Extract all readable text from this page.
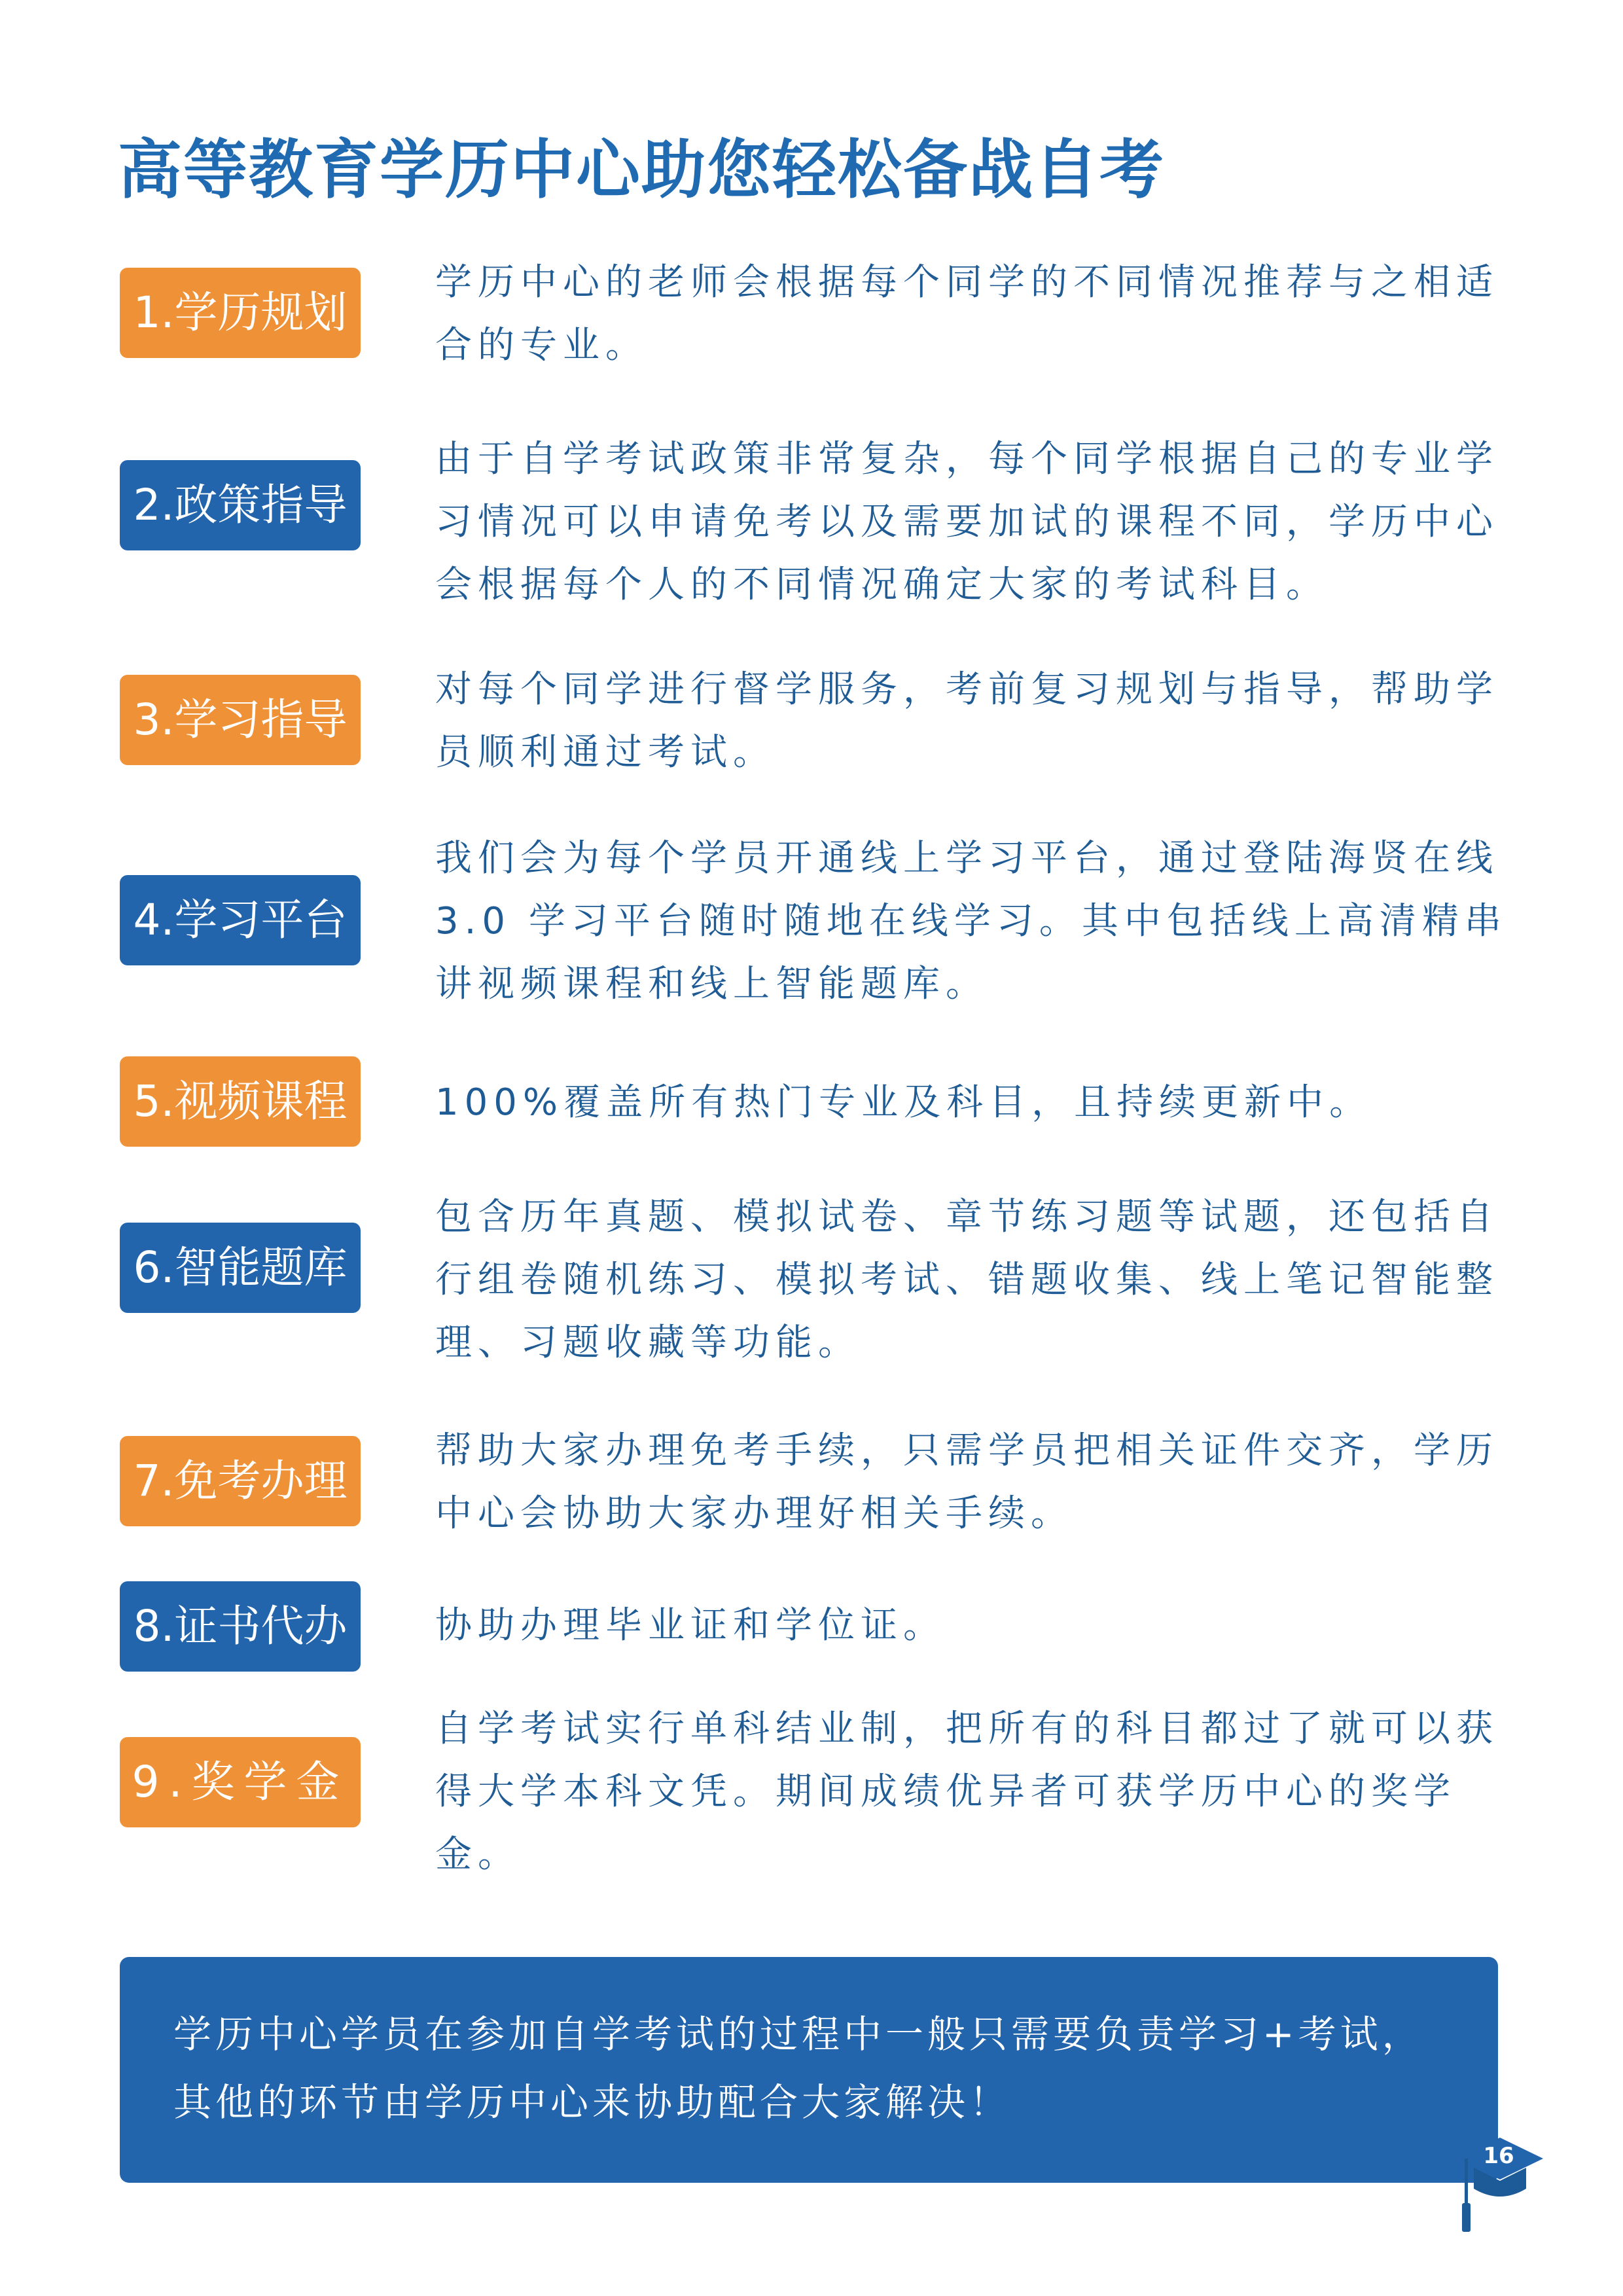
高等教育学历中心助您轻松备战自考
1.学历规划
学历中心的老师会根据每个同学的不同情况推荐与之相适合的专业。
2.政策指导
由于自学考试政策非常复杂，每个同学根据自己的专业学习情况可以申请免考以及需要加试的课程不同，学历中心会根据每个人的不同情况确定大家的考试科目。
3.学习指导
对每个同学进行督学服务，考前复习规划与指导，帮助学员顺利通过考试。
4.学习平台
我们会为每个学员开通线上学习平台，通过登陆海贤在线3.0 学习平台随时随地在线学习。其中包括线上高清精串讲视频课程和线上智能题库。
5.视频课程	100%覆盖所有热门专业及科目，且持续更新中。
6.智能题库
包含历年真题、模拟试卷、章节练习题等试题，还包括自行组卷随机练习、模拟考试、错题收集、线上笔记智能整理、习题收藏等功能。
7.免考办理
帮助大家办理免考手续，只需学员把相关证件交齐，学历中心会协助大家办理好相关手续。
8.证书代办	协助办理毕业证和学位证。
9.奖学金
自学考试实行单科结业制，把所有的科目都过了就可以获得大学本科文凭。期间成绩优异者可获学历中心的奖学金。
学历中心学员在参加自学考试的过程中一般只需要负责学习+考试，其他的环节由学历中心来协助配合大家解决！
16
